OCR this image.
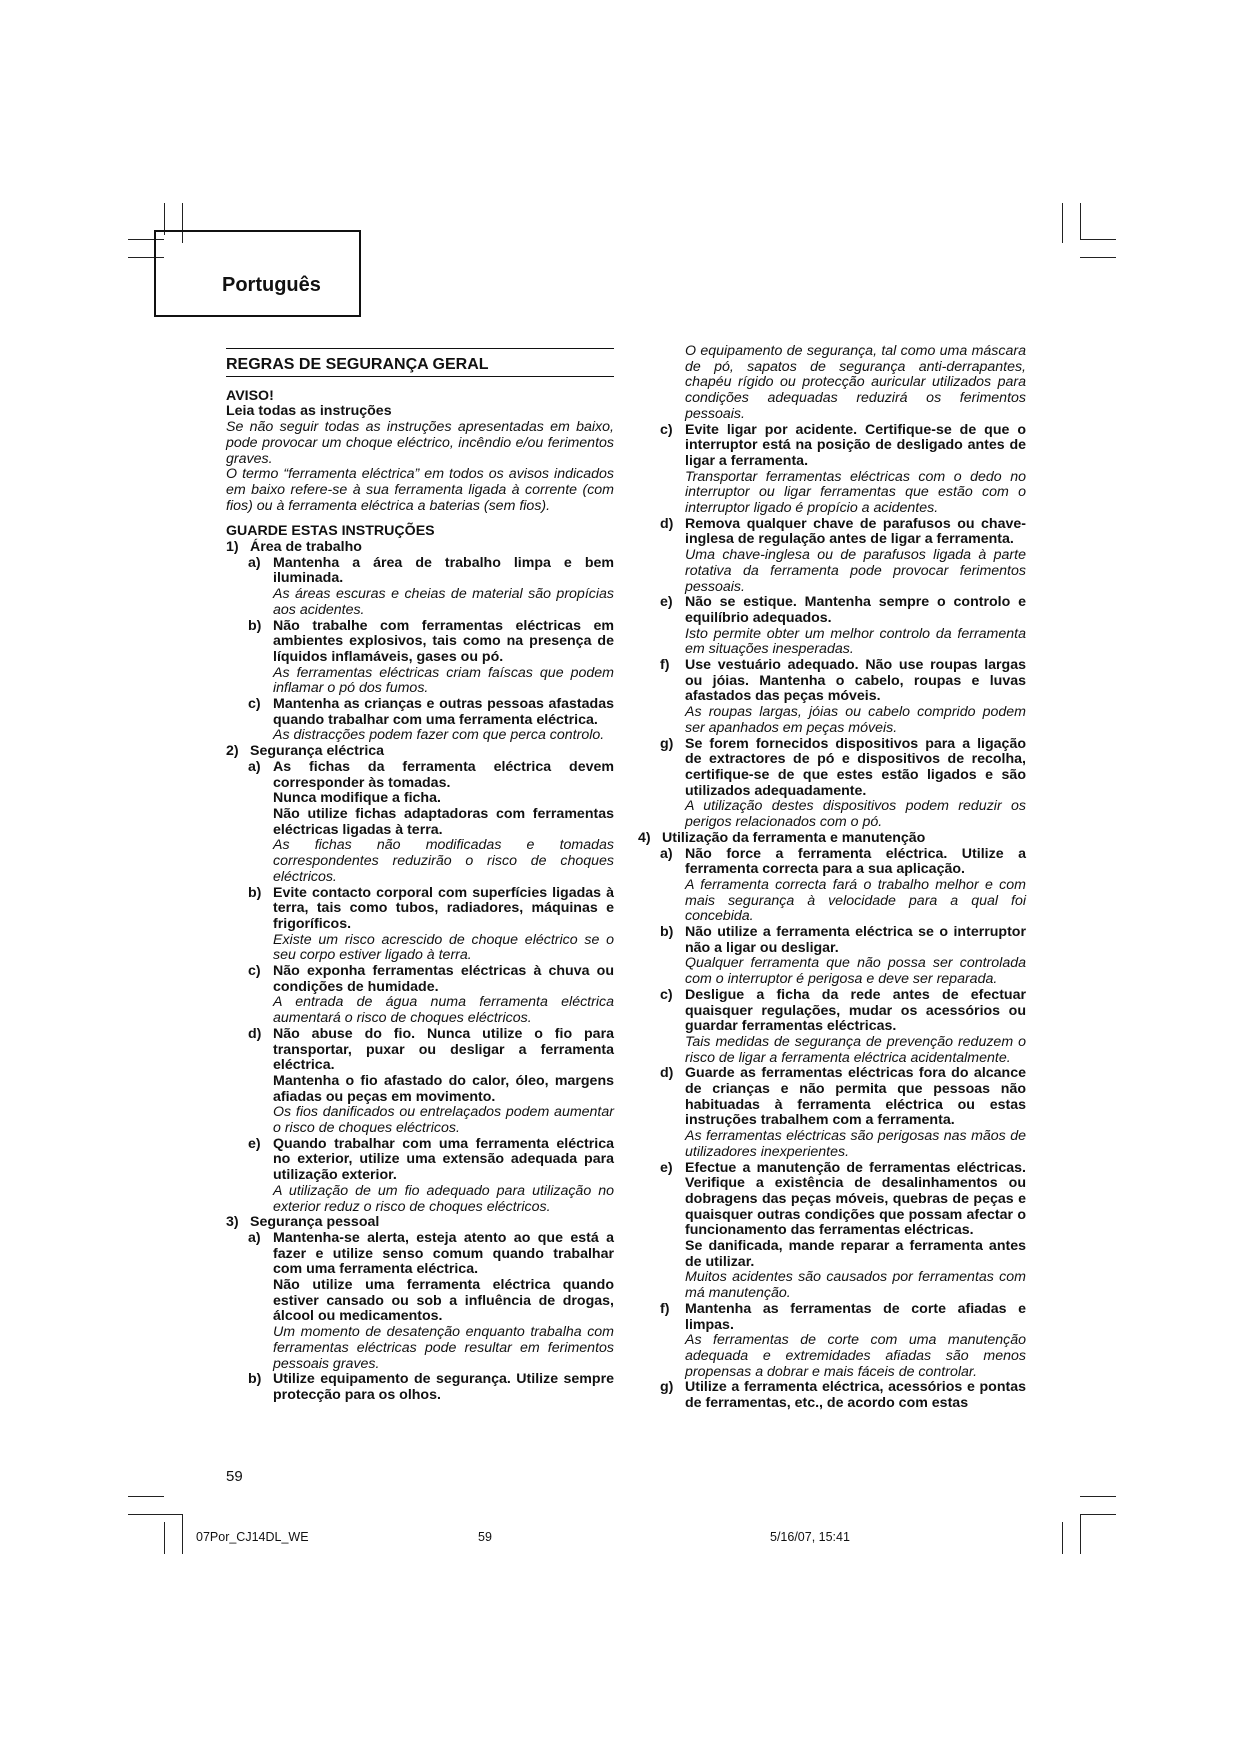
Português
REGRAS DE SEGURANÇA GERAL

AVISO!

Leia todas as instruções

Se não seguir todas as instruções apresentadas em baixo, pode provocar um choque eléctrico, incêndio e/ou ferimentos graves.

O termo “ferramenta eléctrica” em todos os avisos indicados em baixo refere-se à sua ferramenta ligada à corrente (com fios) ou à ferramenta eléctrica a baterias (sem fios).

GUARDE ESTAS INSTRUÇÕES

1) Área de trabalho
a) Mantenha a área de trabalho limpa e bem iluminada.

As áreas escuras e cheias de material são propícias aos acidentes.

b) Não trabalhe com ferramentas eléctricas em ambientes explosivos, tais como na presença de líquidos inflamáveis, gases ou pó.

As ferramentas eléctricas criam faíscas que podem inflamar o pó dos fumos.

c) Mantenha as crianças e outras pessoas afastadas quando trabalhar com uma ferramenta eléctrica.

As distracções podem fazer com que perca controlo.

2) Segurança eléctrica
a) As fichas da ferramenta eléctrica devem corresponder às tomadas.

Nunca modifique a ficha.

Não utilize fichas adaptadoras com ferramentas eléctricas ligadas à terra.

As fichas não modificadas e tomadas correspondentes reduzirão o risco de choques eléctricos.

b) Evite contacto corporal com superfícies ligadas à terra, tais como tubos, radiadores, máquinas e frigoríficos.

Existe um risco acrescido de choque eléctrico se o seu corpo estiver ligado à terra.

c) Não exponha ferramentas eléctricas à chuva ou condições de humidade.

A entrada de água numa ferramenta eléctrica aumentará o risco de choques eléctricos.

d) Não abuse do fio. Nunca utilize o fio para transportar, puxar ou desligar a ferramenta eléctrica.

Mantenha o fio afastado do calor, óleo, margens afiadas ou peças em movimento.

Os fios danificados ou entrelaçados podem aumentar o risco de choques eléctricos.

e) Quando trabalhar com uma ferramenta eléctrica no exterior, utilize uma extensão adequada para utilização exterior.

A utilização de um fio adequado para utilização no exterior reduz o risco de choques eléctricos.

3) Segurança pessoal
a) Mantenha-se alerta, esteja atento ao que está a fazer e utilize senso comum quando trabalhar com uma ferramenta eléctrica.

Não utilize uma ferramenta eléctrica quando estiver cansado ou sob a influência de drogas, álcool ou medicamentos.

Um momento de desatenção enquanto trabalha com ferramentas eléctricas pode resultar em ferimentos pessoais graves.

b) Utilize equipamento de segurança. Utilize sempre protecção para os olhos.

O equipamento de segurança, tal como uma máscara de pó, sapatos de segurança anti-derrapantes, chapéu rígido ou protecção auricular utilizados para condições adequadas reduzirá os ferimentos pessoais.

c) Evite ligar por acidente. Certifique-se de que o interruptor está na posição de desligado antes de ligar a ferramenta.

Transportar ferramentas eléctricas com o dedo no interruptor ou ligar ferramentas que estão com o interruptor ligado é propício a acidentes.

d) Remova qualquer chave de parafusos ou chave-inglesa de regulação antes de ligar a ferramenta.

Uma chave-inglesa ou de parafusos ligada à parte rotativa da ferramenta pode provocar ferimentos pessoais.

e) Não se estique. Mantenha sempre o controlo e equilíbrio adequados.

Isto permite obter um melhor controlo da ferramenta em situações inesperadas.

f)	Use vestuário adequado. Não use roupas largas ou jóias. Mantenha o cabelo, roupas e luvas afastados das peças móveis.

As roupas largas, jóias ou cabelo comprido podem ser apanhados em peças móveis.

g) Se forem fornecidos dispositivos para a ligação de extractores de pó e dispositivos de recolha, certifique-se de que estes estão ligados e são utilizados adequadamente.

A utilização destes dispositivos podem reduzir os perigos relacionados com o pó.

4) Utilização da ferramenta e manutenção
a) Não force a ferramenta eléctrica. Utilize a ferramenta correcta para a sua aplicação.

A ferramenta correcta fará o trabalho melhor e com mais segurança à velocidade para a qual foi concebida.

b) Não utilize a ferramenta eléctrica se o interruptor não a ligar ou desligar.

Qualquer ferramenta que não possa ser controlada com o interruptor é perigosa e deve ser reparada.

c) Desligue a ficha da rede antes de efectuar quaisquer regulações, mudar os acessórios ou guardar ferramentas eléctricas.

Tais medidas de segurança de prevenção reduzem o risco de ligar a ferramenta eléctrica acidentalmente.

d) Guarde as ferramentas eléctricas fora do alcance de crianças e não permita que pessoas não habituadas à ferramenta eléctrica ou estas instruções trabalhem com a ferramenta.

As ferramentas eléctricas são perigosas nas mãos de utilizadores inexperientes.

e) Efectue a manutenção de ferramentas eléctricas. Verifique a existência de desalinhamentos ou dobragens das peças móveis, quebras de peças e quaisquer outras condições que possam afectar o funcionamento das ferramentas eléctricas.

Se danificada, mande reparar a ferramenta antes de utilizar.

Muitos acidentes são causados por ferramentas com má manutenção.

f)	Mantenha as ferramentas de corte afiadas e limpas.

As ferramentas de corte com uma manutenção adequada e extremidades afiadas são menos propensas a dobrar e mais fáceis de controlar.

g) Utilize a ferramenta eléctrica, acessórios e pontas de ferramentas, etc., de acordo com estas

59
07Por_CJ14DL_WE	59	5/16/07, 15:41
